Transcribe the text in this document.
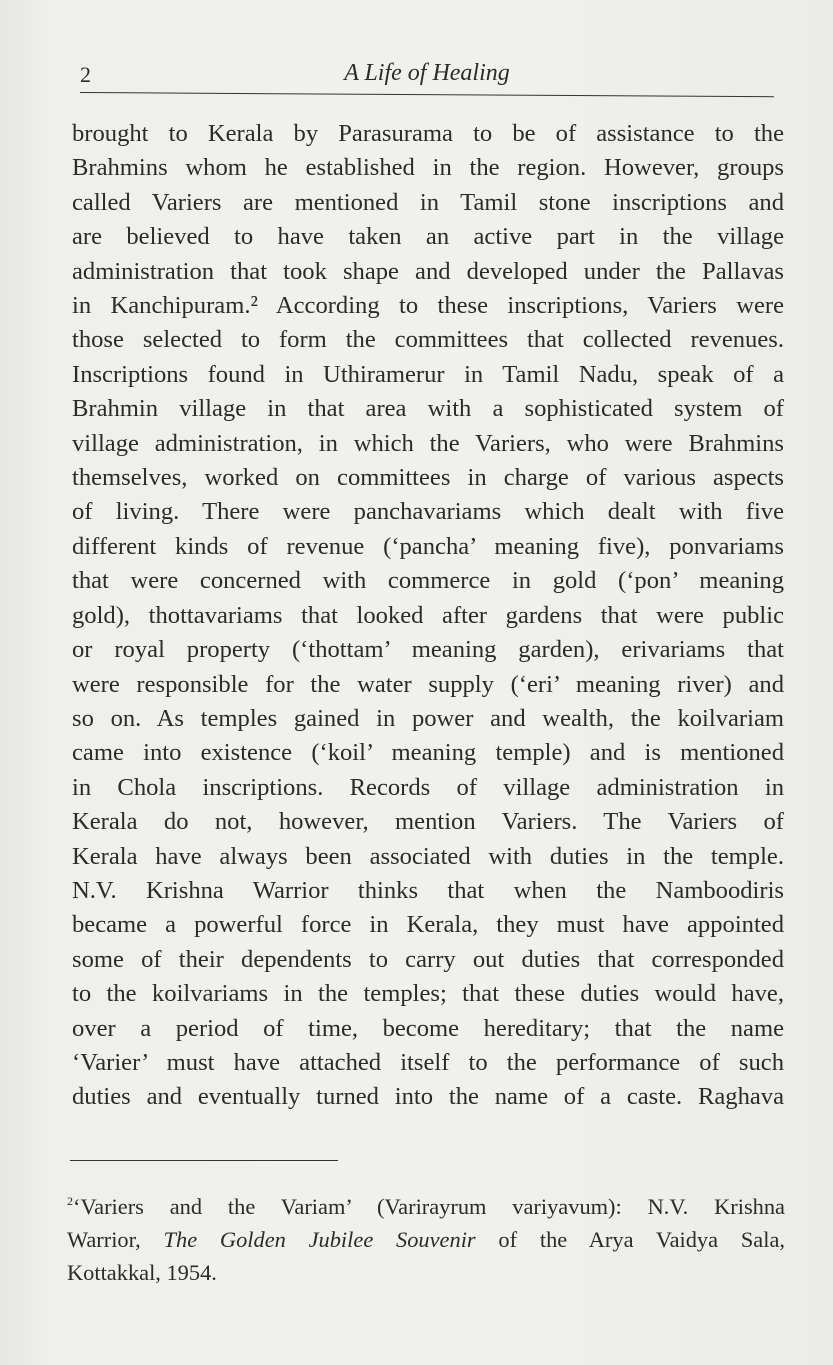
2	A Life of Healing
brought to Kerala by Parasurama to be of assistance to the
Brahmins whom he established in the region. However, groups
called Variers are mentioned in Tamil stone inscriptions and
are believed to have taken an active part in the village
administration that took shape and developed under the Pallavas
in Kanchipuram.² According to these inscriptions, Variers were
those selected to form the committees that collected revenues.
Inscriptions found in Uthiramerur in Tamil Nadu, speak of a
Brahmin village in that area with a sophisticated system of
village administration, in which the Variers, who were Brahmins
themselves, worked on committees in charge of various aspects
of living. There were panchavariams which dealt with five
different kinds of revenue (‘pancha’ meaning five), ponvariams
that were concerned with commerce in gold (‘pon’ meaning
gold), thottavariams that looked after gardens that were public
or royal property (‘thottam’ meaning garden), erivariams that
were responsible for the water supply (‘eri’ meaning river) and
so on. As temples gained in power and wealth, the koilvariam
came into existence (‘koil’ meaning temple) and is mentioned
in Chola inscriptions. Records of village administration in
Kerala do not, however, mention Variers. The Variers of
Kerala have always been associated with duties in the temple.
N.V. Krishna Warrior thinks that when the Namboodiris
became a powerful force in Kerala, they must have appointed
some of their dependents to carry out duties that corresponded
to the koilvariams in the temples; that these duties would have,
over a period of time, become hereditary; that the name
‘Varier’ must have attached itself to the performance of such
duties and eventually turned into the name of a caste. Raghava
$^2$‘Variers and the Variam’ (Varirayrum variyavum): N.V. Krishna
Warrior, The Golden Jubilee Souvenir of the Arya Vaidya Sala,
Kottakkal, 1954.
